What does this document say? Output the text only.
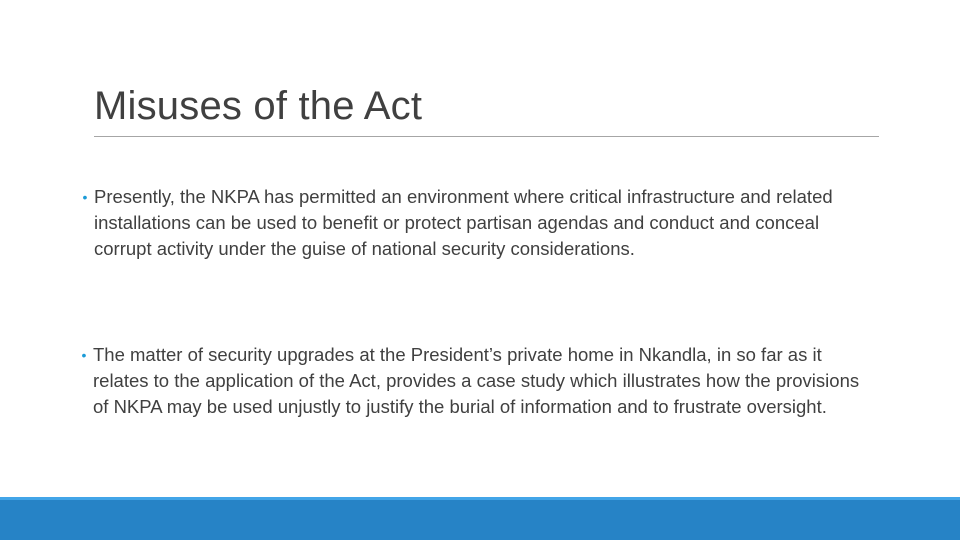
Misuses of the Act
• Presently, the NKPA has permitted an environment where critical infrastructure and related installations can be used to benefit or protect partisan agendas and conduct and conceal corrupt activity under the guise of national security considerations.
• The matter of security upgrades at the President’s private home in Nkandla, in so far as it relates to the application of the Act, provides a case study which illustrates how the provisions of NKPA may be used unjustly to justify the burial of information and to frustrate oversight.
